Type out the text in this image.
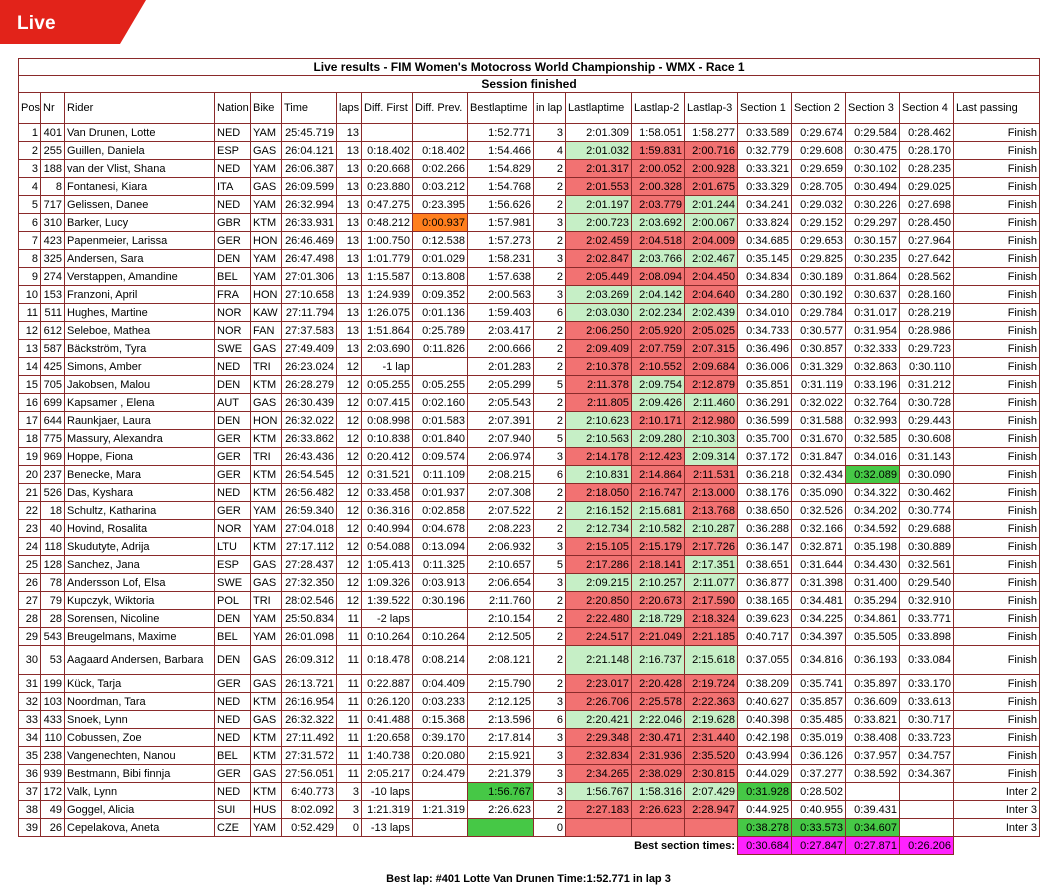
Live
Live results - FIM Women's Motocross World Championship - WMX - Race 1																		
Session finished																		
Pos	Nr	Rider	Nation	Bike	Time	laps	Diff. First	Diff. Prev.	Bestlaptime	in lap	Lastlaptime	Lastlap-2	Lastlap-3	Section 1	Section 2	Section 3	Section 4	Last passing
1	401	Van Drunen, Lotte	NED	YAM	25:45.719	13			1:52.771	3	2:01.309	1:58.051	1:58.277	0:33.589	0:29.674	0:29.584	0:28.462	Finish
2	255	Guillen, Daniela	ESP	GAS	26:04.121	13	0:18.402	0:18.402	1:54.466	4	2:01.032	1:59.831	2:00.716	0:32.779	0:29.608	0:30.475	0:28.170	Finish
3	188	van der Vlist, Shana	NED	YAM	26:06.387	13	0:20.668	0:02.266	1:54.829	2	2:01.317	2:00.052	2:00.928	0:33.321	0:29.659	0:30.102	0:28.235	Finish
4	8	Fontanesi, Kiara	ITA	GAS	26:09.599	13	0:23.880	0:03.212	1:54.768	2	2:01.553	2:00.328	2:01.675	0:33.329	0:28.705	0:30.494	0:29.025	Finish
5	717	Gelissen, Danee	NED	YAM	26:32.994	13	0:47.275	0:23.395	1:56.626	2	2:01.197	2:03.779	2:01.244	0:34.241	0:29.032	0:30.226	0:27.698	Finish
6	310	Barker, Lucy	GBR	KTM	26:33.931	13	0:48.212	0:00.937	1:57.981	3	2:00.723	2:03.692	2:00.067	0:33.824	0:29.152	0:29.297	0:28.450	Finish
7	423	Papenmeier, Larissa	GER	HON	26:46.469	13	1:00.750	0:12.538	1:57.273	2	2:02.459	2:04.518	2:04.009	0:34.685	0:29.653	0:30.157	0:27.964	Finish
8	325	Andersen, Sara	DEN	YAM	26:47.498	13	1:01.779	0:01.029	1:58.231	3	2:02.847	2:03.766	2:02.467	0:35.145	0:29.825	0:30.235	0:27.642	Finish
9	274	Verstappen, Amandine	BEL	YAM	27:01.306	13	1:15.587	0:13.808	1:57.638	2	2:05.449	2:08.094	2:04.450	0:34.834	0:30.189	0:31.864	0:28.562	Finish
10	153	Franzoni, April	FRA	HON	27:10.658	13	1:24.939	0:09.352	2:00.563	3	2:03.269	2:04.142	2:04.640	0:34.280	0:30.192	0:30.637	0:28.160	Finish
11	511	Hughes, Martine	NOR	KAW	27:11.794	13	1:26.075	0:01.136	1:59.403	6	2:03.030	2:02.234	2:02.439	0:34.010	0:29.784	0:31.017	0:28.219	Finish
12	612	Seleboe, Mathea	NOR	FAN	27:37.583	13	1:51.864	0:25.789	2:03.417	2	2:06.250	2:05.920	2:05.025	0:34.733	0:30.577	0:31.954	0:28.986	Finish
13	587	Bäckström, Tyra	SWE	GAS	27:49.409	13	2:03.690	0:11.826	2:00.666	2	2:09.409	2:07.759	2:07.315	0:36.496	0:30.857	0:32.333	0:29.723	Finish
14	425	Simons, Amber	NED	TRI	26:23.024	12	-1 lap		2:01.283	2	2:10.378	2:10.552	2:09.684	0:36.006	0:31.329	0:32.863	0:30.110	Finish
15	705	Jakobsen, Malou	DEN	KTM	26:28.279	12	0:05.255	0:05.255	2:05.299	5	2:11.378	2:09.754	2:12.879	0:35.851	0:31.119	0:33.196	0:31.212	Finish
16	699	Kapsamer , Elena	AUT	GAS	26:30.439	12	0:07.415	0:02.160	2:05.543	2	2:11.805	2:09.426	2:11.460	0:36.291	0:32.022	0:32.764	0:30.728	Finish
17	644	Raunkjaer, Laura	DEN	HON	26:32.022	12	0:08.998	0:01.583	2:07.391	2	2:10.623	2:10.171	2:12.980	0:36.599	0:31.588	0:32.993	0:29.443	Finish
18	775	Massury, Alexandra	GER	KTM	26:33.862	12	0:10.838	0:01.840	2:07.940	5	2:10.563	2:09.280	2:10.303	0:35.700	0:31.670	0:32.585	0:30.608	Finish
19	969	Hoppe, Fiona	GER	TRI	26:43.436	12	0:20.412	0:09.574	2:06.974	3	2:14.178	2:12.423	2:09.314	0:37.172	0:31.847	0:34.016	0:31.143	Finish
20	237	Benecke, Mara	GER	KTM	26:54.545	12	0:31.521	0:11.109	2:08.215	6	2:10.831	2:14.864	2:11.531	0:36.218	0:32.434	0:32.089	0:30.090	Finish
21	526	Das, Kyshara	NED	KTM	26:56.482	12	0:33.458	0:01.937	2:07.308	2	2:18.050	2:16.747	2:13.000	0:38.176	0:35.090	0:34.322	0:30.462	Finish
22	18	Schultz, Katharina	GER	YAM	26:59.340	12	0:36.316	0:02.858	2:07.522	2	2:16.152	2:15.681	2:13.768	0:38.650	0:32.526	0:34.202	0:30.774	Finish
23	40	Hovind, Rosalita	NOR	YAM	27:04.018	12	0:40.994	0:04.678	2:08.223	2	2:12.734	2:10.582	2:10.287	0:36.288	0:32.166	0:34.592	0:29.688	Finish
24	118	Skudutyte, Adrija	LTU	KTM	27:17.112	12	0:54.088	0:13.094	2:06.932	3	2:15.105	2:15.179	2:17.726	0:36.147	0:32.871	0:35.198	0:30.889	Finish
25	128	Sanchez, Jana	ESP	GAS	27:28.437	12	1:05.413	0:11.325	2:10.657	5	2:17.286	2:18.141	2:17.351	0:38.651	0:31.644	0:34.430	0:32.561	Finish
26	78	Andersson Lof, Elsa	SWE	GAS	27:32.350	12	1:09.326	0:03.913	2:06.654	3	2:09.215	2:10.257	2:11.077	0:36.877	0:31.398	0:31.400	0:29.540	Finish
27	79	Kupczyk, Wiktoria	POL	TRI	28:02.546	12	1:39.522	0:30.196	2:11.760	2	2:20.850	2:20.673	2:17.590	0:38.165	0:34.481	0:35.294	0:32.910	Finish
28	28	Sorensen, Nicoline	DEN	YAM	25:50.834	11	-2 laps		2:10.154	2	2:22.480	2:18.729	2:18.324	0:39.623	0:34.225	0:34.861	0:33.771	Finish
29	543	Breugelmans, Maxime	BEL	YAM	26:01.098	11	0:10.264	0:10.264	2:12.505	2	2:24.517	2:21.049	2:21.185	0:40.717	0:34.397	0:35.505	0:33.898	Finish
30	53	Aagaard Andersen, Barbara	DEN	GAS	26:09.312	11	0:18.478	0:08.214	2:08.121	2	2:21.148	2:16.737	2:15.618	0:37.055	0:34.816	0:36.193	0:33.084	Finish
31	199	Kück, Tarja	GER	GAS	26:13.721	11	0:22.887	0:04.409	2:15.790	2	2:23.017	2:20.428	2:19.724	0:38.209	0:35.741	0:35.897	0:33.170	Finish
32	103	Noordman, Tara	NED	KTM	26:16.954	11	0:26.120	0:03.233	2:12.125	3	2:26.706	2:25.578	2:22.363	0:40.627	0:35.857	0:36.609	0:33.613	Finish
33	433	Snoek, Lynn	NED	GAS	26:32.322	11	0:41.488	0:15.368	2:13.596	6	2:20.421	2:22.046	2:19.628	0:40.398	0:35.485	0:33.821	0:30.717	Finish
34	110	Cobussen, Zoe	NED	KTM	27:11.492	11	1:20.658	0:39.170	2:17.814	3	2:29.348	2:30.471	2:31.440	0:42.198	0:35.019	0:38.408	0:33.723	Finish
35	238	Vangenechten, Nanou	BEL	KTM	27:31.572	11	1:40.738	0:20.080	2:15.921	3	2:32.834	2:31.936	2:35.520	0:43.994	0:36.126	0:37.957	0:34.757	Finish
36	939	Bestmann, Bibi finnja	GER	GAS	27:56.051	11	2:05.217	0:24.479	2:21.379	3	2:34.265	2:38.029	2:30.815	0:44.029	0:37.277	0:38.592	0:34.367	Finish
37	172	Valk, Lynn	NED	KTM	6:40.773	3	-10 laps		1:56.767	3	1:56.767	1:58.316	2:07.429	0:31.928	0:28.502			Inter 2
38	49	Goggel, Alicia	SUI	HUS	8:02.092	3	1:21.319	1:21.319	2:26.623	2	2:27.183	2:26.623	2:28.947	0:44.925	0:40.955	0:39.431		Inter 3
39	26	Cepelakova, Aneta	CZE	YAM	0:52.429	0	-13 laps			0				0:38.278	0:33.573	0:34.607		Inter 3
Best section times:														0:30.684	0:27.847	0:27.871	0:26.206	
Best lap: #401 Lotte Van Drunen Time:1:52.771 in lap 3
